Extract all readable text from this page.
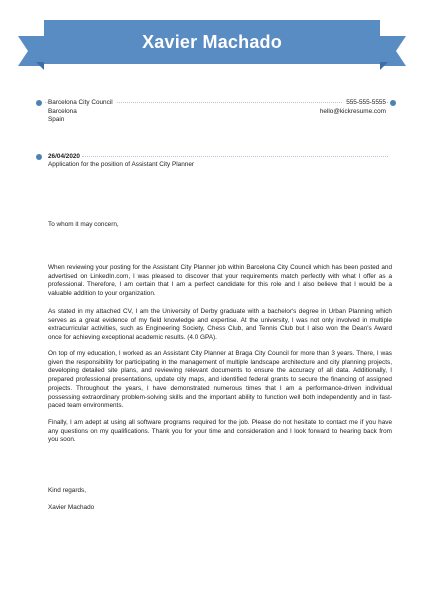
Xavier Machado
Barcelona City Council
Barcelona
Spain
555-555-5555
hello@kickresume.com
26/04/2020
Application for the position of Assistant City Planner
To whom it may concern,
When reviewing your posting for the Assistant City Planner job within Barcelona City Council which has been posted and advertised on LinkedIn.com, I was pleased to discover that your requirements match perfectly with what I offer as a professional. Therefore, I am certain that I am a perfect candidate for this role and I also believe that I would be a valuable addition to your organization.
As stated in my attached CV, I am the University of Derby graduate with a bachelor's degree in Urban Planning which serves as a great evidence of my field knowledge and expertise. At the university, I was not only involved in multiple extracurricular activities, such as Engineering Society, Chess Club, and Tennis Club but I also won the Dean's Award once for achieving exceptional academic results. (4.0 GPA).
On top of my education, I worked as an Assistant City Planner at Braga City Council for more than 3 years. There, I was given the responsibility for participating in the management of multiple landscape architecture and city planning projects, developing detailed site plans, and reviewing relevant documents to ensure the accuracy of all data. Additionally, I prepared professional presentations, update city maps, and identified federal grants to secure the financing of assigned projects. Throughout the years, I have demonstrated numerous times that I am a performance-driven individual possessing extraordinary problem-solving skills and the important ability to function well both independently and in fast-paced team environments.
Finally, I am adept at using all software programs required for the job. Please do not hesitate to contact me if you have any questions on my qualifications. Thank you for your time and consideration and I look forward to hearing back from you soon.
Kind regards,
Xavier Machado
